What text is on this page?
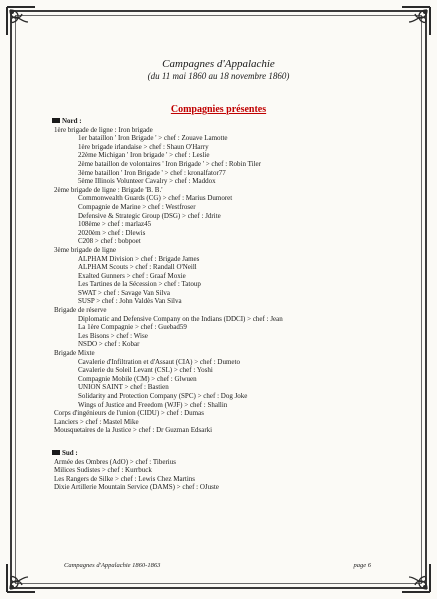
Campagnes d'Appalachie
(du 11 mai 1860 au 18 novembre 1860)
Compagnies présentes
Nord :
1ère brigade de ligne : Iron brigade
1er bataillon ' Iron Brigade ' > chef : Zouave Lamotte
1ère brigade irlandaise > chef : Shaun O'Harry
22ème Michigan ' Iron brigade ' > chef : Leslie
2ème bataillon de volontaires ' Iron Brigade ' > chef : Robin Tiler
3ème bataillon ' Iron Brigade ' > chef : kronalfator77
5ème Illinois Volunteer Cavalry > chef : Maddox
2ème brigade de ligne : Brigade 'B. B.'
Commonwealth Guards (CG) > chef : Marius Dumoret
Compagnie de Marine > chef : Westfroser
Defensive & Strategic Group (DSG) > chef : Jdrite
108ème > chef : marlaz45
2020èm > chef : Dlewis
C208 > chef : bobpoet
3ème brigade de ligne
ALPHAM Division > chef : Brigade James
ALPHAM Scouts > chef : Randall O'Neill
Exalted Gunners > chef : Graaf Moxie
Les Tartines de la Sécession > chef : Tatoup
SWAT > chef : Savage Van Silva
SUSP > chef : John Valdès Van Silva
Brigade de réserve
Diplomatic and Defensive Company on the Indians (DDCI) > chef : Jean
La 1ère Compagnie > chef : Guebad59
Les Bisons > chef : Wise
NSDO > chef : Kobar
Brigade Mixte
Cavalerie d'Infiltration et d'Assaut (CIA) > chef : Dumeto
Cavalerie du Soleil Levant (CSL) > chef : Yoshi
Compagnie Mobile (CM) > chef : Glwuen
UNION SAINT > chef : Bastien
Solidarity and Protection Company (SPC) > chef : Dog Joke
Wings of Justice and Freedom (WJF) > chef : Shallin
Corps d'ingénieurs de l'union (CIDU) > chef : Dumas
Lanciers > chef : Mastel Mike
Mousquetaires de la Justice > chef : Dr Guzman Edsarki
Sud :
Armée des Ombres (AdO) > chef : Tiberius
Milices Sudistes > chef : Kurrbuck
Les Rangers de Silke > chef : Lewis Chez Martins
Dixie Artillerie Mountain Service (DAMS) > chef : OJuste
Campagnes d'Appalachie 1860-1863	page 6
